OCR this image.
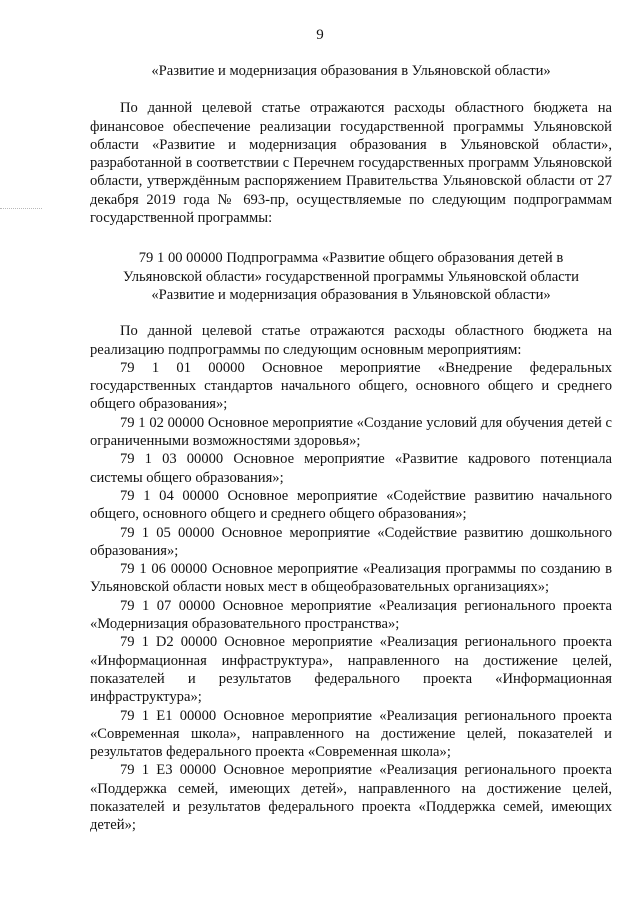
9
«Развитие и модернизация образования в Ульяновской области»

По данной целевой статье отражаются расходы областного бюджета на финансовое обеспечение реализации государственной программы Ульяновской области «Развитие и модернизация образования в Ульяновской области», разработанной в соответствии с Перечнем государственных программ Ульяновской области, утверждённым распоряжением Правительства Ульяновской области от 27 декабря 2019 года № 693-пр, осуществляемые по следующим подпрограммам государственной программы:

79 1 00 00000 Подпрограмма «Развитие общего образования детей в
Ульяновской области» государственной программы Ульяновской области
«Развитие и модернизация образования в Ульяновской области»

По данной целевой статье отражаются расходы областного бюджета на реализацию подпрограммы по следующим основным мероприятиям:

79 1 01 00000 Основное мероприятие «Внедрение федеральных государственных стандартов начального общего, основного общего и среднего общего образования»;

79 1 02 00000 Основное мероприятие «Создание условий для обучения детей с ограниченными возможностями здоровья»;

79 1 03 00000 Основное мероприятие «Развитие кадрового потенциала системы общего образования»;

79 1 04 00000 Основное мероприятие «Содействие развитию начального общего, основного общего и среднего общего образования»;

79 1 05 00000 Основное мероприятие «Содействие развитию дошкольного образования»;

79 1 06 00000 Основное мероприятие «Реализация программы по созданию в Ульяновской области новых мест в общеобразовательных организациях»;

79 1 07 00000 Основное мероприятие «Реализация регионального проекта «Модернизация образовательного пространства»;

79 1 D2 00000 Основное мероприятие «Реализация регионального проекта «Информационная инфраструктура», направленного на достижение целей, показателей и результатов федерального проекта «Информационная инфраструктура»;

79 1 E1 00000 Основное мероприятие «Реализация регионального проекта «Современная школа», направленного на достижение целей, показателей и результатов федерального проекта «Современная школа»;

79 1 E3 00000 Основное мероприятие «Реализация регионального проекта «Поддержка семей, имеющих детей», направленного на достижение целей, показателей и результатов федерального проекта «Поддержка семей, имеющих детей»;
